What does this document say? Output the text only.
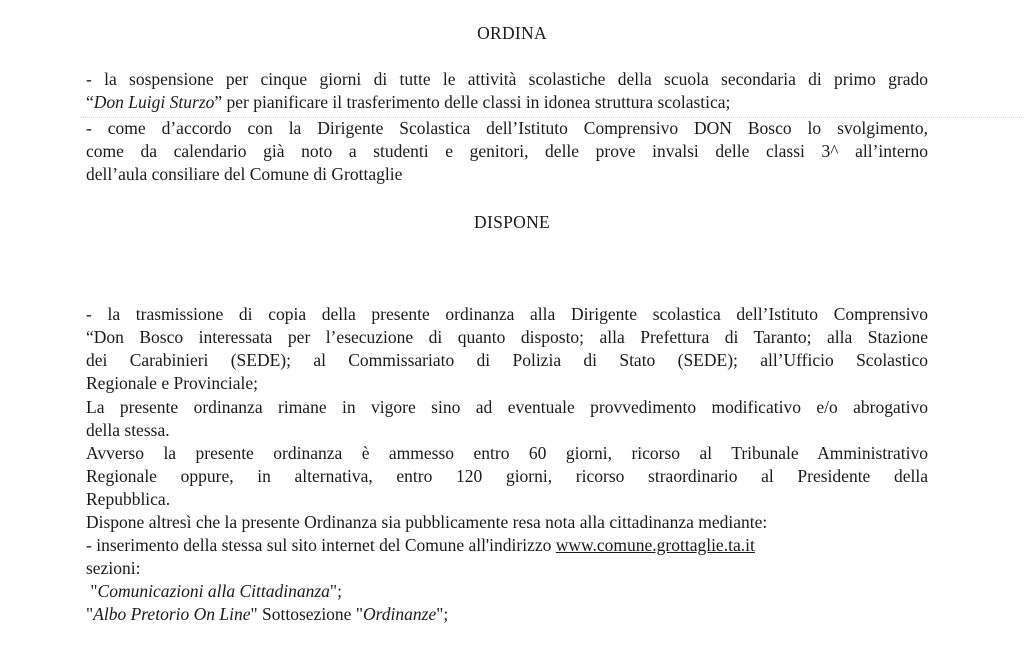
ORDINA
- la sospensione per cinque giorni di tutte le attività scolastiche della scuola secondaria di primo grado
“Don Luigi Sturzo” per pianificare il trasferimento delle classi in idonea struttura scolastica;
- come d’accordo con la Dirigente Scolastica dell’Istituto Comprensivo DON Bosco lo svolgimento,
come da calendario già noto a studenti e genitori, delle prove invalsi delle classi 3^ all’interno
dell’aula consiliare del Comune di Grottaglie
DISPONE
- la trasmissione di copia della presente ordinanza alla Dirigente scolastica dell’Istituto Comprensivo
“Don Bosco interessata per l’esecuzione di quanto disposto; alla Prefettura di Taranto; alla Stazione
dei Carabinieri (SEDE); al Commissariato di Polizia di Stato (SEDE); all’Ufficio Scolastico
Regionale e Provinciale;
La presente ordinanza rimane in vigore sino ad eventuale provvedimento modificativo e/o abrogativo
della stessa.
Avverso la presente ordinanza è ammesso entro 60 giorni, ricorso al Tribunale Amministrativo
Regionale oppure, in alternativa, entro 120 giorni, ricorso straordinario al Presidente della
Repubblica.
Dispone altresì che la presente Ordinanza sia pubblicamente resa nota alla cittadinanza mediante:
- inserimento della stessa sul sito internet del Comune all'indirizzo www.comune.grottaglie.ta.it
sezioni:
"Comunicazioni alla Cittadinanza";
"Albo Pretorio On Line" Sottosezione "Ordinanze";
